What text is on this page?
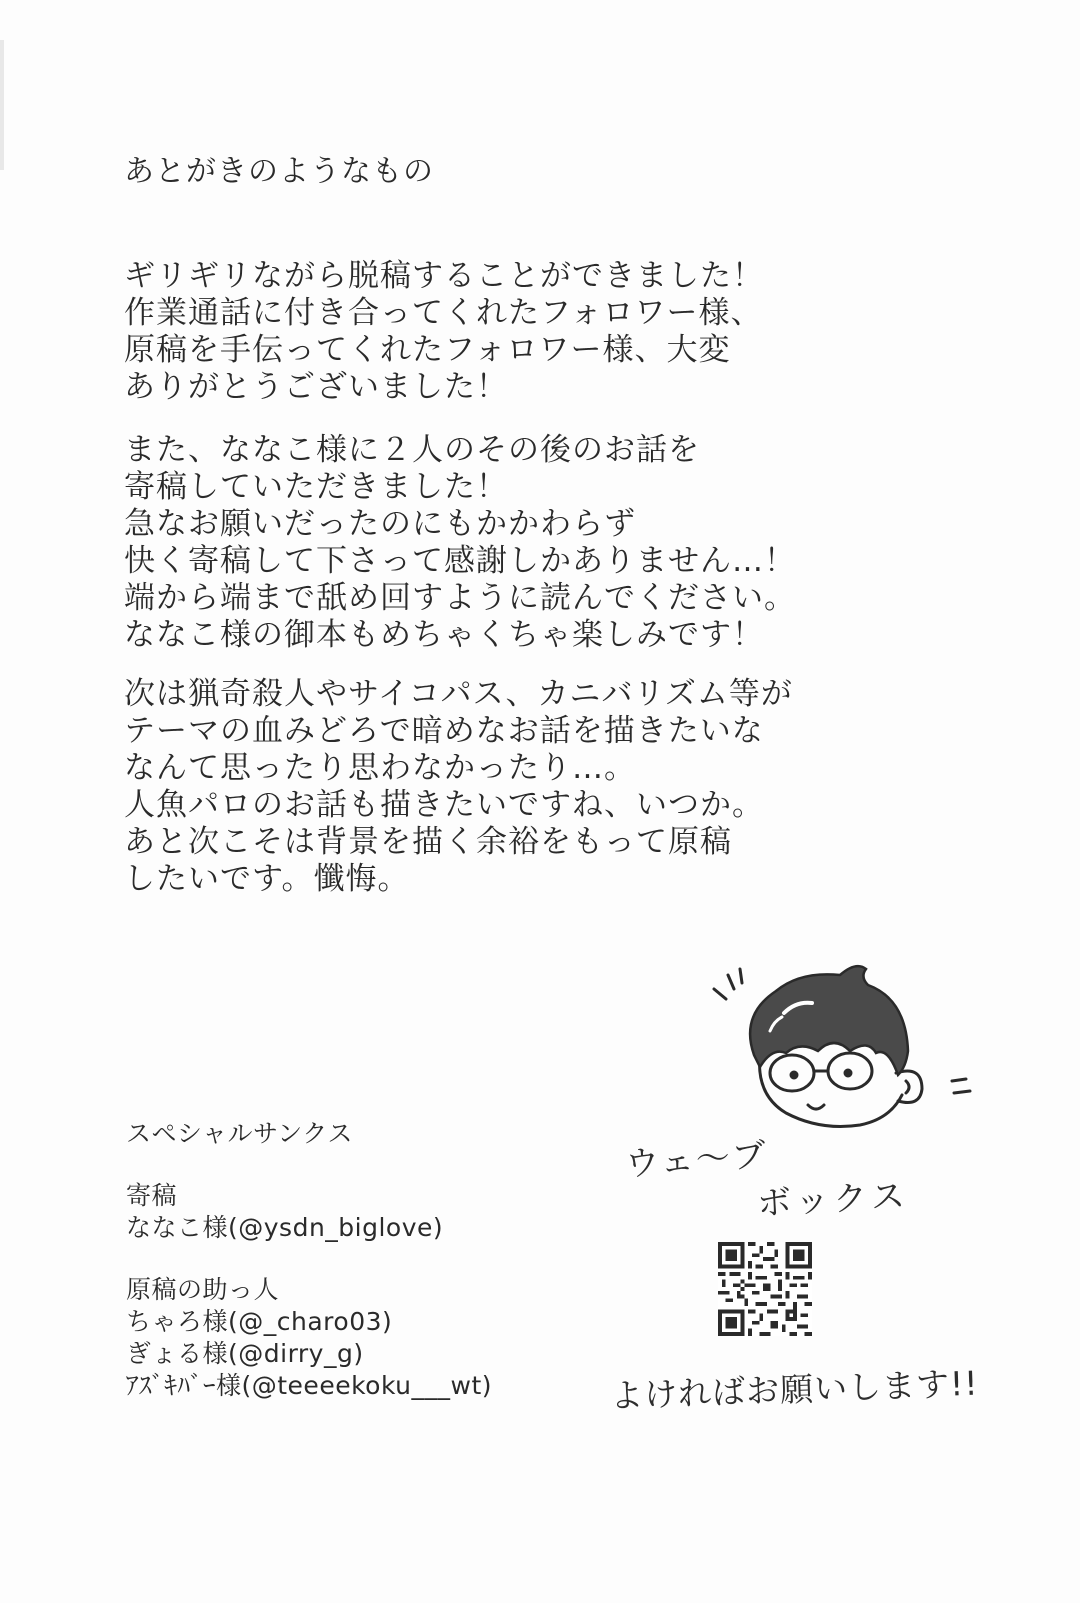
あとがきのようなもの
ギリギリながら脱稿することができました！
作業通話に付き合ってくれたフォロワー様、
原稿を手伝ってくれたフォロワー様、大変
ありがとうございました！
また、ななこ様に２人のその後のお話を
寄稿していただきました！
急なお願いだったのにもかかわらず
快く寄稿して下さって感謝しかありません…！
端から端まで舐め回すように読んでください。
ななこ様の御本もめちゃくちゃ楽しみです！
次は猟奇殺人やサイコパス、カニバリズム等が
テーマの血みどろで暗めなお話を描きたいな
なんて思ったり思わなかったり…。
人魚パロのお話も描きたいですね、いつか。
あと次こそは背景を描く余裕をもって原稿
したいです。懺悔。
スペシャルサンクス
寄稿
ななこ様(@ysdn_biglove)
原稿の助っ人
ちゃろ様(@_charo03)
ぎょる様(@dirry_g)
ｱｽﾞｷﾊﾞｰ様(@teeeekoku___wt)
ウェ〜ブ
ボックス
よければお願いします!!
